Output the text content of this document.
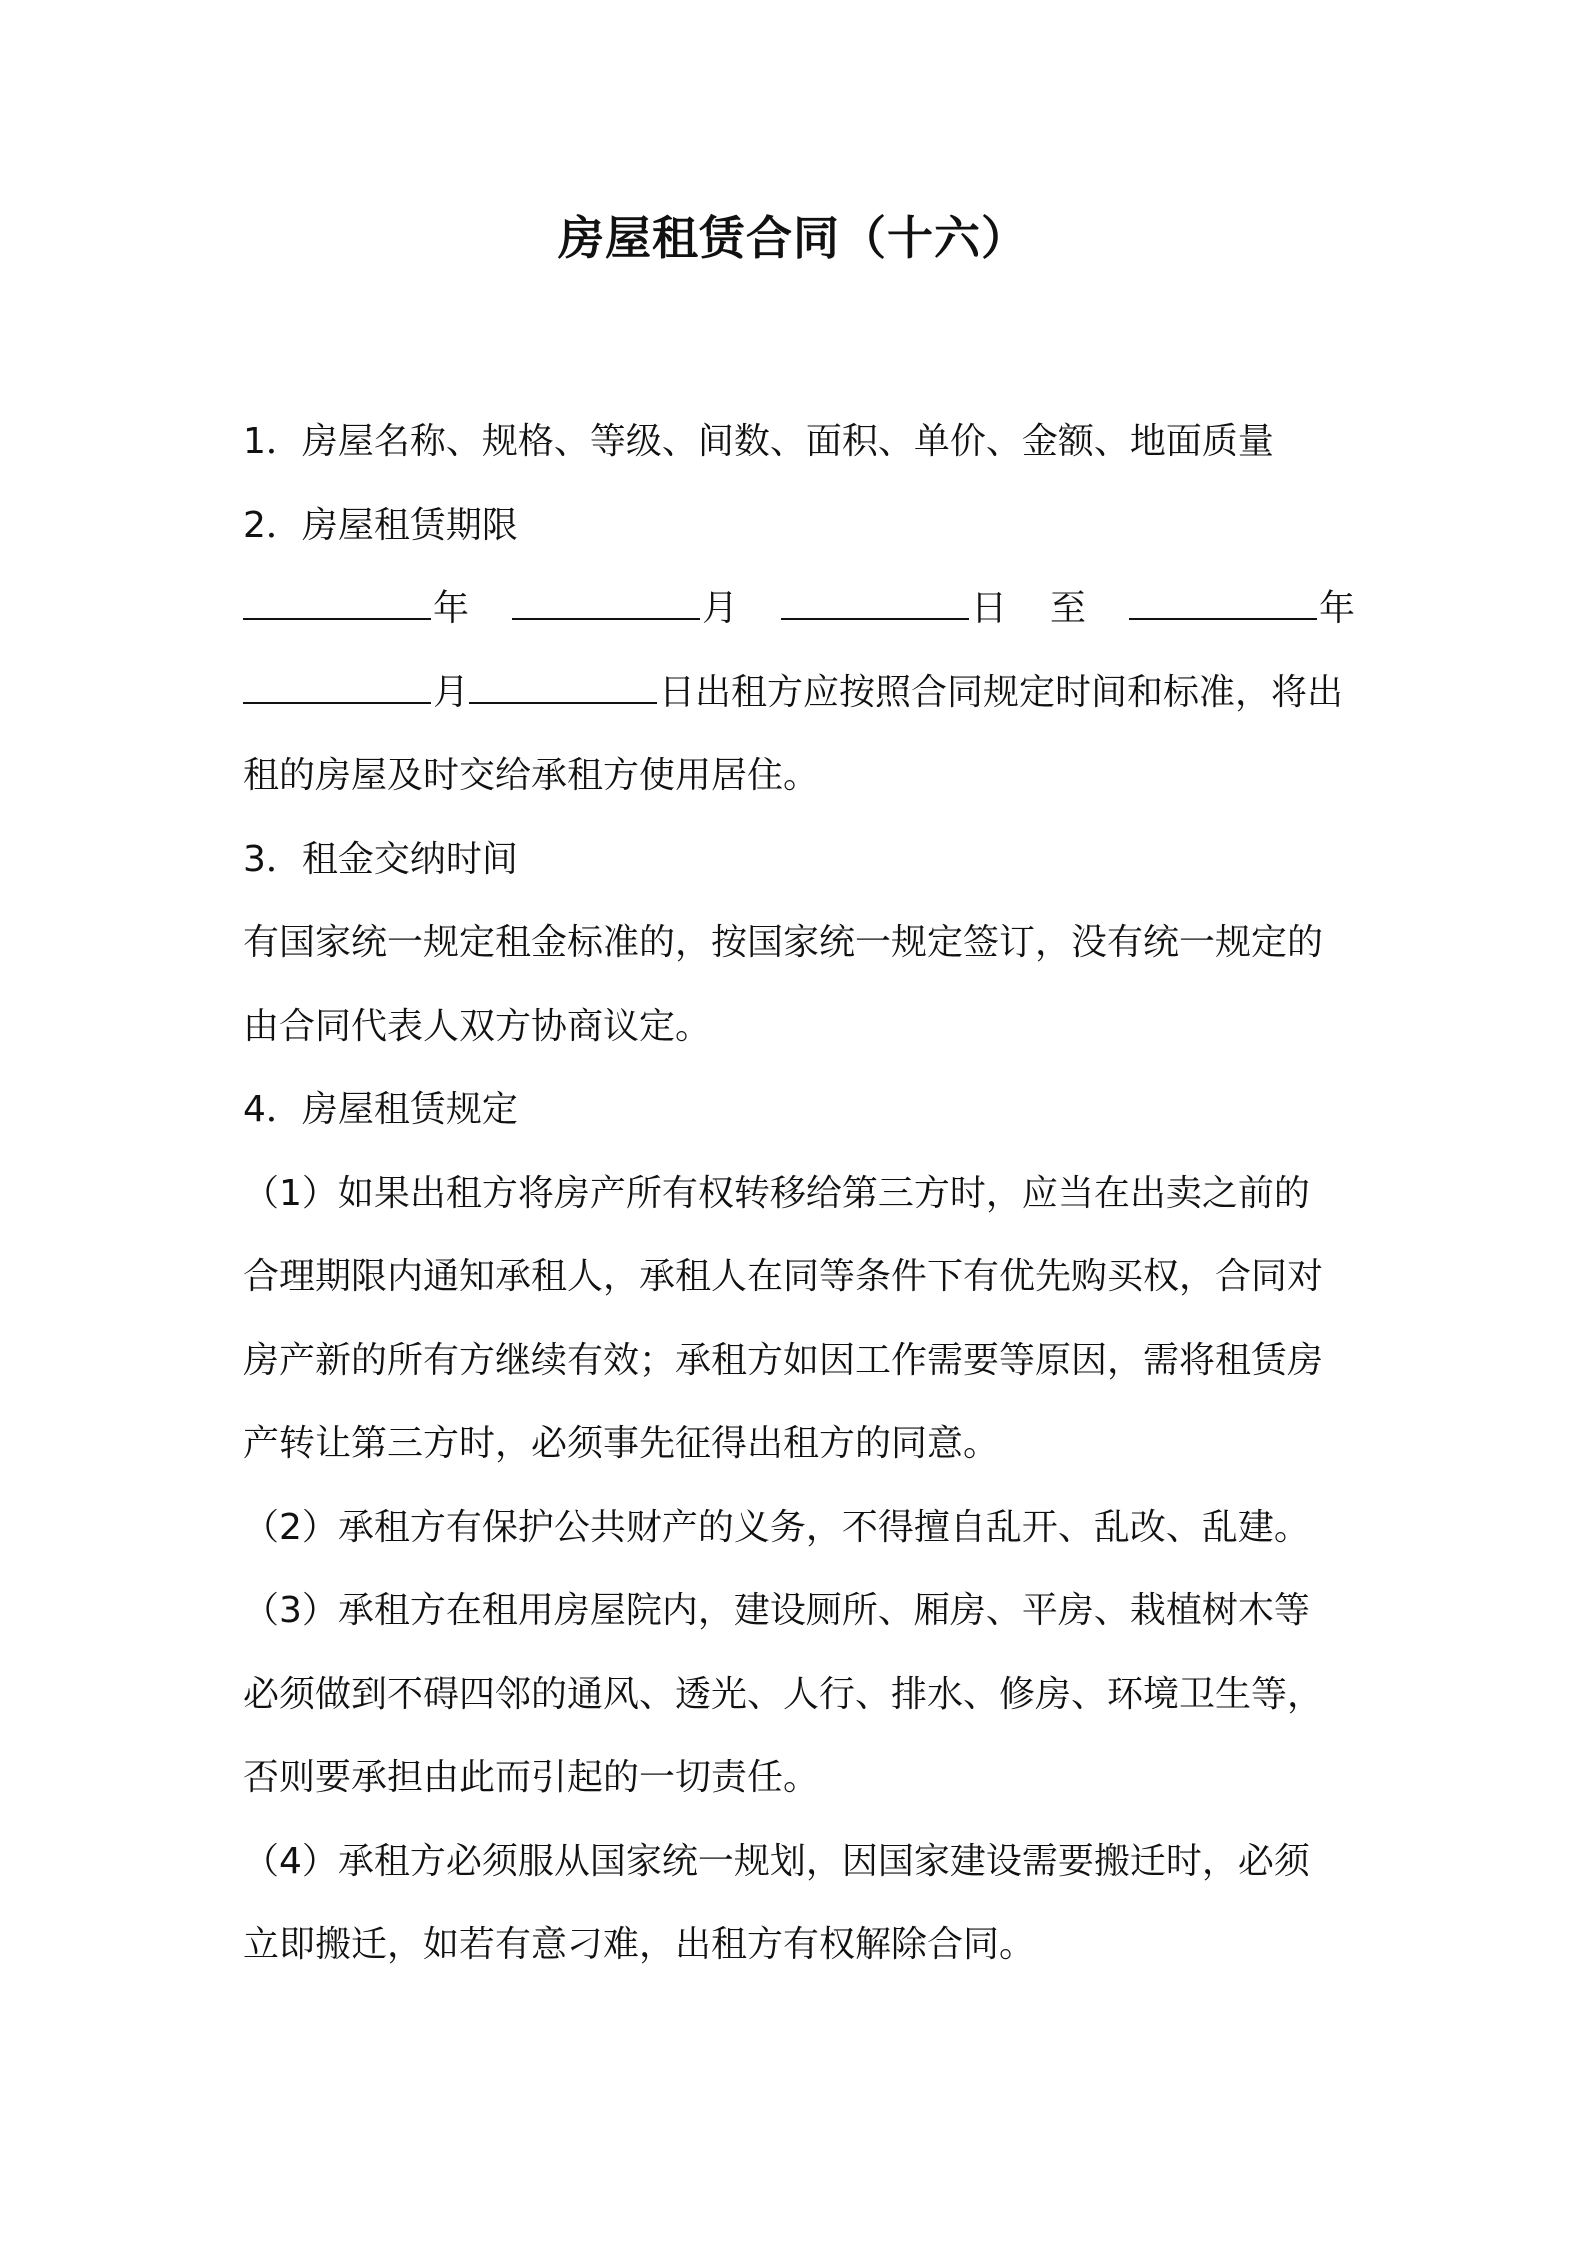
房屋租赁合同（十六）
1．房屋名称、规格、等级、间数、面积、单价、金额、地面质量
2．房屋租赁期限
年	月	日 至	年
月	日出租方应按照合同规定时间和标准，将出
租的房屋及时交给承租方使用居住。
3．租金交纳时间
有国家统一规定租金标准的，按国家统一规定签订，没有统一规定的
由合同代表人双方协商议定。
4．房屋租赁规定
（1）如果出租方将房产所有权转移给第三方时，应当在出卖之前的
合理期限内通知承租人，承租人在同等条件下有优先购买权，合同对
房产新的所有方继续有效；承租方如因工作需要等原因，需将租赁房
产转让第三方时，必须事先征得出租方的同意。
（2）承租方有保护公共财产的义务，不得擅自乱开、乱改、乱建。
（3）承租方在租用房屋院内，建设厕所、厢房、平房、栽植树木等
必须做到不碍四邻的通风、透光、人行、排水、修房、环境卫生等，
否则要承担由此而引起的一切责任。
（4）承租方必须服从国家统一规划，因国家建设需要搬迁时，必须
立即搬迁，如若有意刁难，出租方有权解除合同。
